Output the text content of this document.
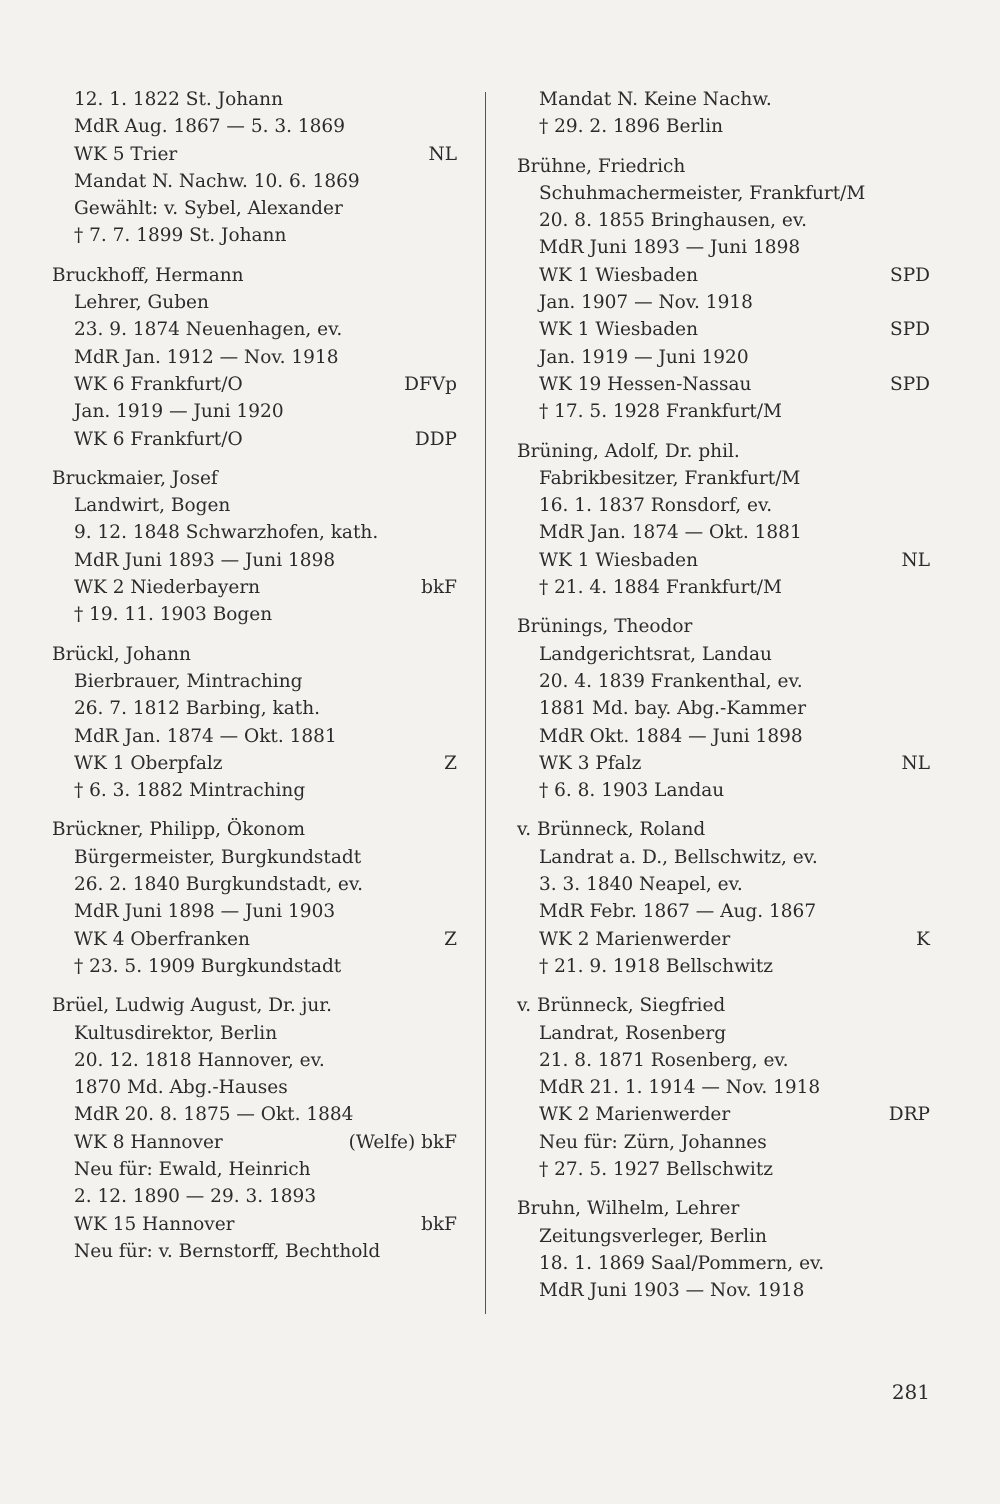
12. 1. 1822 St. Johann
MdR Aug. 1867 — 5. 3. 1869
WK 5 Trier	NL
Mandat N. Nachw. 10. 6. 1869
Gewählt: v. Sybel, Alexander
† 7. 7. 1899 St. Johann
Bruckhoff, Hermann
Lehrer, Guben
23. 9. 1874 Neuenhagen, ev.
MdR Jan. 1912 — Nov. 1918
WK 6 Frankfurt/O	DFVp
Jan. 1919 — Juni 1920
WK 6 Frankfurt/O	DDP
Bruckmaier, Josef
Landwirt, Bogen
9. 12. 1848 Schwarzhofen, kath.
MdR Juni 1893 — Juni 1898
WK 2 Niederbayern	bkF
† 19. 11. 1903 Bogen
Brückl, Johann
Bierbrauer, Mintraching
26. 7. 1812 Barbing, kath.
MdR Jan. 1874 — Okt. 1881
WK 1 Oberpfalz	Z
† 6. 3. 1882 Mintraching
Brückner, Philipp, Ökonom
Bürgermeister, Burgkundstadt
26. 2. 1840 Burgkundstadt, ev.
MdR Juni 1898 — Juni 1903
WK 4 Oberfranken	Z
† 23. 5. 1909 Burgkundstadt
Brüel, Ludwig August, Dr. jur.
Kultusdirektor, Berlin
20. 12. 1818 Hannover, ev.
1870 Md. Abg.-Hauses
MdR 20. 8. 1875 — Okt. 1884
WK 8 Hannover	(Welfe) bkF
Neu für: Ewald, Heinrich
2. 12. 1890 — 29. 3. 1893
WK 15 Hannover	bkF
Neu für: v. Bernstorff, Bechthold
Mandat N. Keine Nachw.
† 29. 2. 1896 Berlin
Brühne, Friedrich
Schuhmachermeister, Frankfurt/M
20. 8. 1855 Bringhausen, ev.
MdR Juni 1893 — Juni 1898
WK 1 Wiesbaden	SPD
Jan. 1907 — Nov. 1918
WK 1 Wiesbaden	SPD
Jan. 1919 — Juni 1920
WK 19 Hessen-Nassau	SPD
† 17. 5. 1928 Frankfurt/M
Brüning, Adolf, Dr. phil.
Fabrikbesitzer, Frankfurt/M
16. 1. 1837 Ronsdorf, ev.
MdR Jan. 1874 — Okt. 1881
WK 1 Wiesbaden	NL
† 21. 4. 1884 Frankfurt/M
Brünings, Theodor
Landgerichtsrat, Landau
20. 4. 1839 Frankenthal, ev.
1881 Md. bay. Abg.-Kammer
MdR Okt. 1884 — Juni 1898
WK 3 Pfalz	NL
† 6. 8. 1903 Landau
v. Brünneck, Roland
Landrat a. D., Bellschwitz, ev.
3. 3. 1840 Neapel, ev.
MdR Febr. 1867 — Aug. 1867
WK 2 Marienwerder	K
† 21. 9. 1918 Bellschwitz
v. Brünneck, Siegfried
Landrat, Rosenberg
21. 8. 1871 Rosenberg, ev.
MdR 21. 1. 1914 — Nov. 1918
WK 2 Marienwerder	DRP
Neu für: Zürn, Johannes
† 27. 5. 1927 Bellschwitz
Bruhn, Wilhelm, Lehrer
Zeitungsverleger, Berlin
18. 1. 1869 Saal/Pommern, ev.
MdR Juni 1903 — Nov. 1918
281
